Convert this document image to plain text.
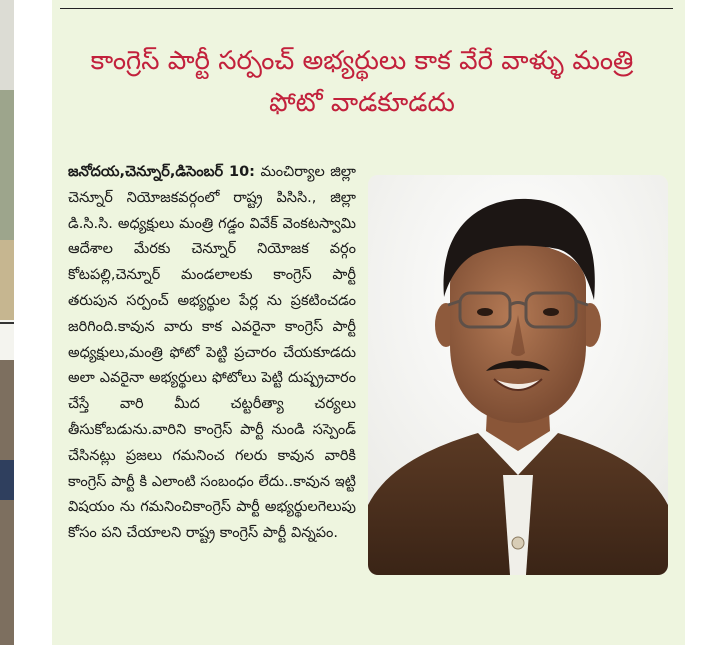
కాంగ్రెస్ పార్టీ సర్పంచ్ అభ్యర్థులు కాక వేరే వాళ్ళు మంత్రి ఫోటో వాడకూడదు

జనోదయ,చెన్నూర్,డిసెంబర్ 10: మంచిర్యాల జిల్లా చెన్నూర్ నియోజకవర్గంలో రాష్ట్ర పిసిసి., జిల్లా డి.సి.సి. అధ్యక్షులు మంత్రి గడ్డం వివేక్ వెంకటస్వామి ఆదేశాల మేరకు చెన్నూర్ నియోజక వర్గం కోటపల్లి,చెన్నూర్ మండలాలకు కాంగ్రెస్ పార్టీ తరుపున సర్పంచ్ అభ్యర్థుల పేర్ల ను ప్రకటించడం జరిగింది.కావున వారు కాక ఎవరైనా కాంగ్రెస్ పార్టీ అధ్యక్షులు,మంత్రి ఫోటో పెట్టి ప్రచారం చేయకూడదు అలా ఎవరైనా అభ్యర్థులు ఫోటోలు పెట్టి దుష్ప్రచారం చేస్తే వారి మీద చట్టరీత్యా చర్యలు తీసుకోబడును.వారిని కాంగ్రెస్ పార్టీ నుండి సస్పెండ్ చేసినట్లు ప్రజలు గమనించ గలరు కావున వారికి కాంగ్రెస్ పార్టీ కి ఎలాంటి సంబంధం లేదు..కావున ఇట్టి విషయం ను గమనించికాంగ్రెస్ పార్టీ అభ్యర్థులగెలుపు కోసం పని చేయాలని రాష్ట్ర కాంగ్రెస్ పార్టీ విన్నపం.
